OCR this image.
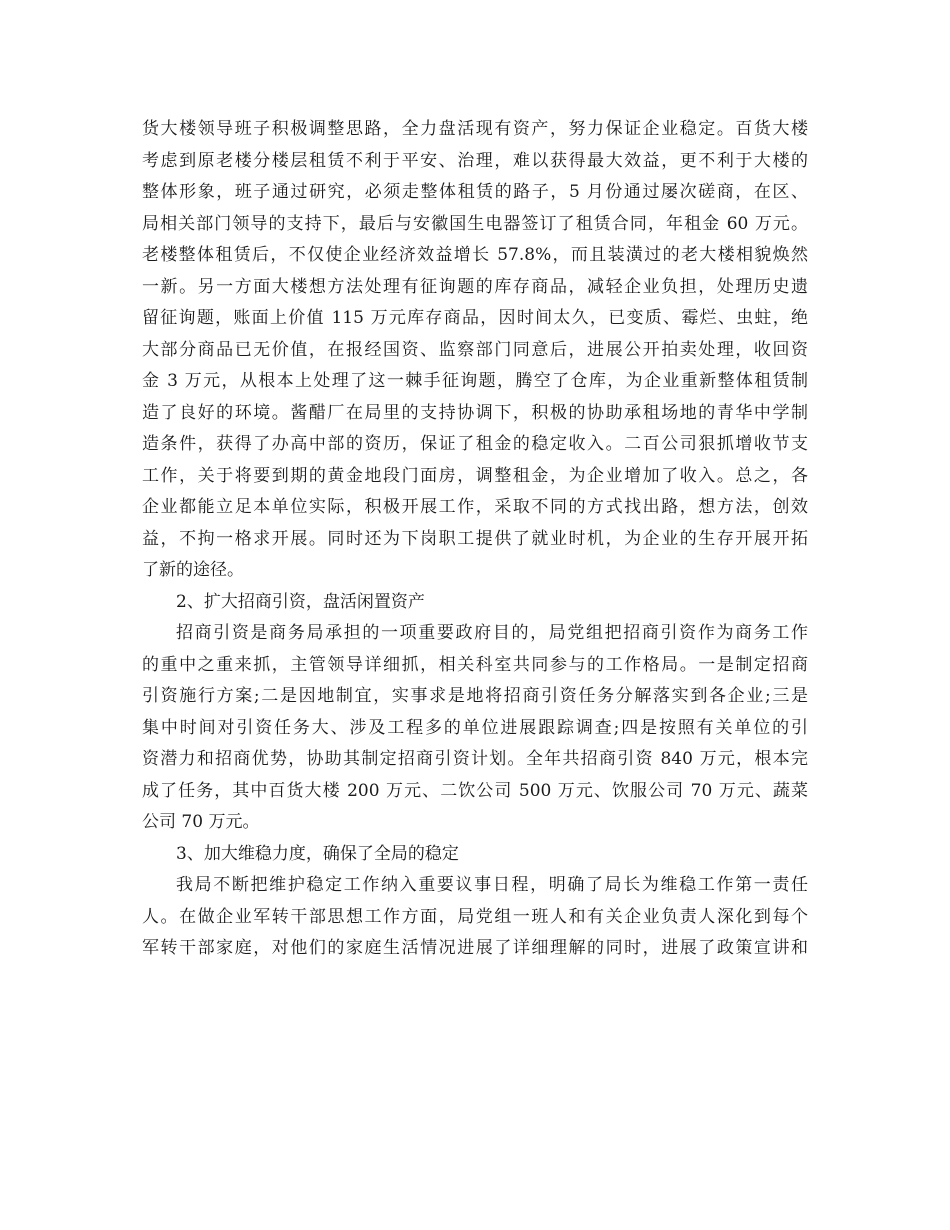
货大楼领导班子积极调整思路，全力盘活现有资产，努力保证企业稳定。百货大楼
考虑到原老楼分楼层租赁不利于平安、治理，难以获得最大效益，更不利于大楼的
整体形象，班子通过研究，必须走整体租赁的路子，5 月份通过屡次磋商，在区、
局相关部门领导的支持下，最后与安徽国生电器签订了租赁合同，年租金 60 万元。
老楼整体租赁后，不仅使企业经济效益增长 57.8%，而且装潢过的老大楼相貌焕然
一新。另一方面大楼想方法处理有征询题的库存商品，减轻企业负担，处理历史遗
留征询题，账面上价值 115 万元库存商品，因时间太久，已变质、霉烂、虫蛀，绝
大部分商品已无价值，在报经国资、监察部门同意后，进展公开拍卖处理，收回资
金 3 万元，从根本上处理了这一棘手征询题，腾空了仓库，为企业重新整体租赁制
造了良好的环境。酱醋厂在局里的支持协调下，积极的协助承租场地的青华中学制
造条件，获得了办高中部的资历，保证了租金的稳定收入。二百公司狠抓增收节支
工作，关于将要到期的黄金地段门面房，调整租金，为企业增加了收入。总之，各
企业都能立足本单位实际，积极开展工作，采取不同的方式找出路，想方法，创效
益，不拘一格求开展。同时还为下岗职工提供了就业时机，为企业的生存开展开拓
了新的途径。
2、扩大招商引资，盘活闲置资产
招商引资是商务局承担的一项重要政府目的，局党组把招商引资作为商务工作
的重中之重来抓，主管领导详细抓，相关科室共同参与的工作格局。一是制定招商
引资施行方案;二是因地制宜，实事求是地将招商引资任务分解落实到各企业;三是
集中时间对引资任务大、涉及工程多的单位进展跟踪调查;四是按照有关单位的引
资潜力和招商优势，协助其制定招商引资计划。全年共招商引资 840 万元，根本完
成了任务，其中百货大楼 200 万元、二饮公司 500 万元、饮服公司 70 万元、蔬菜
公司 70 万元。
3、加大维稳力度，确保了全局的稳定
我局不断把维护稳定工作纳入重要议事日程，明确了局长为维稳工作第一责任
人。在做企业军转干部思想工作方面，局党组一班人和有关企业负责人深化到每个
军转干部家庭，对他们的家庭生活情况进展了详细理解的同时，进展了政策宣讲和
